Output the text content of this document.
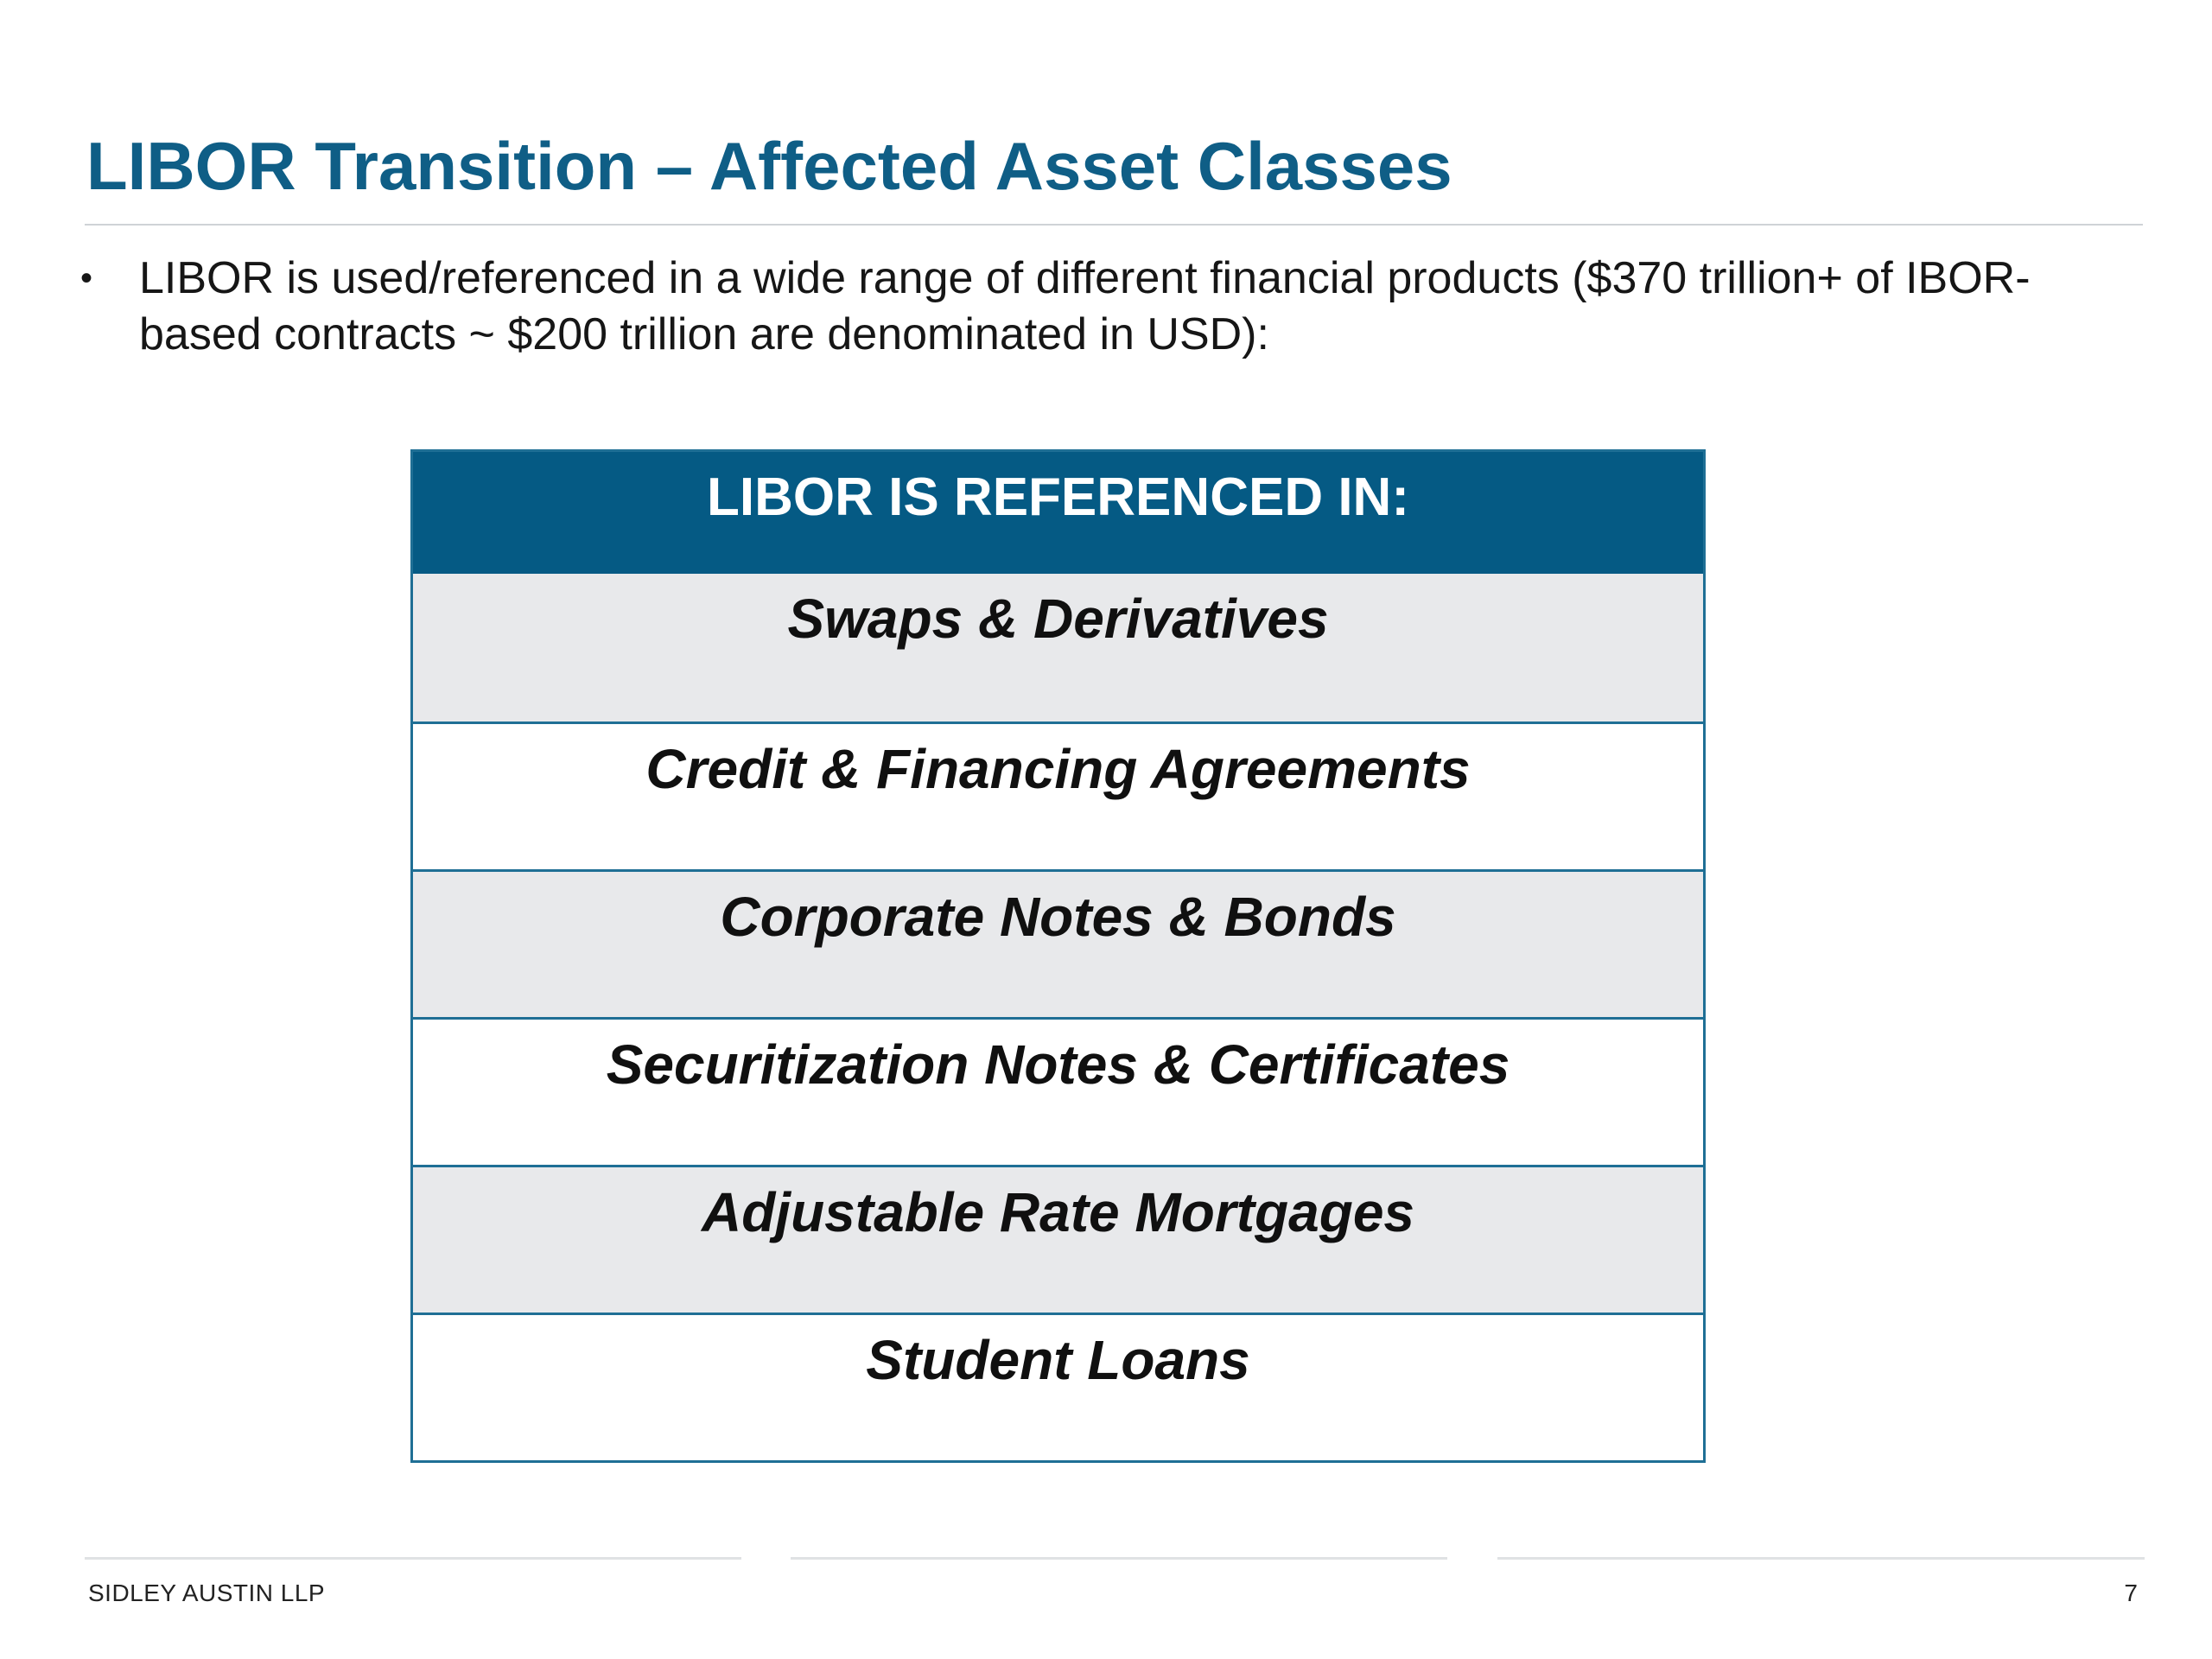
LIBOR Transition – Affected Asset Classes
•	LIBOR is used/referenced in a wide range of different financial products ($370 trillion+ of IBOR-based contracts ~ $200 trillion are denominated in USD):
LIBOR IS REFERENCED IN:
Swaps & Derivatives
Credit & Financing Agreements
Corporate Notes & Bonds
Securitization Notes & Certificates
Adjustable Rate Mortgages
Student Loans
SIDLEY AUSTIN LLP	7
